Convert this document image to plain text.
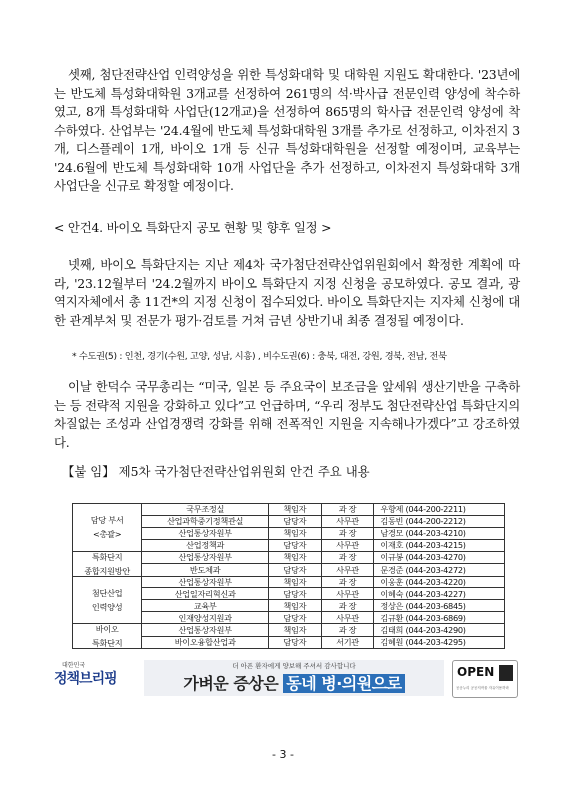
셋째, 첨단전략산업 인력양성을 위한 특성화대학 및 대학원 지원도 확대한다. '23년에는 반도체 특성화대학원 3개교를 선정하여 261명의 석·박사급 전문인력 양성에 착수하였고, 8개 특성화대학 사업단(12개교)을 선정하여 865명의 학사급 전문인력 양성에 착수하였다. 산업부는 '24.4월에 반도체 특성화대학원 3개를 추가로 선정하고, 이차전지 3개, 디스플레이 1개, 바이오 1개 등 신규 특성화대학원을 선정할 예정이며, 교육부는 '24.6월에 반도체 특성화대학 10개 사업단을 추가 선정하고, 이차전지 특성화대학 3개 사업단을 신규로 확정할 예정이다.
< 안건4. 바이오 특화단지 공모 현황 및 향후 일정 >
넷째, 바이오 특화단지는 지난 제4차 국가첨단전략산업위원회에서 확정한 계획에 따라, '23.12월부터 '24.2월까지 바이오 특화단지 지정 신청을 공모하였다. 공모 결과, 광역지자체에서 총 11건*의 지정 신청이 접수되었다. 바이오 특화단지는 지자체 신청에 대한 관계부처 및 전문가 평가·검토를 거쳐 금년 상반기내 최종 결정될 예정이다.
* 수도권(5) : 인천, 경기(수원, 고양, 성남, 시흥) , 비수도권(6) : 충북, 대전, 강원, 경북, 전남, 전북
이날 한덕수 국무총리는 “미국, 일본 등 주요국이 보조금을 앞세워 생산기반을 구축하는 등 전략적 지원을 강화하고 있다”고 언급하며, “우리 정부도 첨단전략산업 특화단지의 차질없는 조성과 산업경쟁력 강화를 위해 전폭적인 지원을 지속해나가겠다”고 강조하였다.
【붙 임】 제5차 국가첨단전략산업위원회 안건 주요 내용
담당 부서
<총괄>	국무조정실	책임자	과 장	우향제 (044-200-2211)
	산업과학중기정책관실	담당자	사무관	김동빈 (044-200-2212)
	산업통상자원부	책임자	과 장	남경모 (044-203-4210)
	산업정책과	담당자	사무관	이재호 (044-203-4215)

특화단지
종합지원방안	산업통상자원부	책임자	과 장	이규봉 (044-203-4270)
	반도체과	담당자	사무관	문경준 (044-203-4272)

첨단산업
인력양성	산업통상자원부	책임자	과 장	이웅훈 (044-203-4220)
	산업일자리혁신과	담당자	사무관	이혜숙 (044-203-4227)
	교육부	책임자	과 장	정상은 (044-203-6845)
	인재양성지원과	담당자	사무관	김규환 (044-203-6869)

바이오
특화단지	산업통상자원부	책임자	과 장	김태희 (044-203-4290)
	바이오융합산업과	담당자	서기관	김혜원 (044-203-4295)
대한민국
정책브리핑
더 아픈 환자에게 양보해 주셔서 감사합니다
가벼운 증상은 동네 병·의원으로
OPEN
공공누리 공공저작물 자유이용허락
- 3 -
